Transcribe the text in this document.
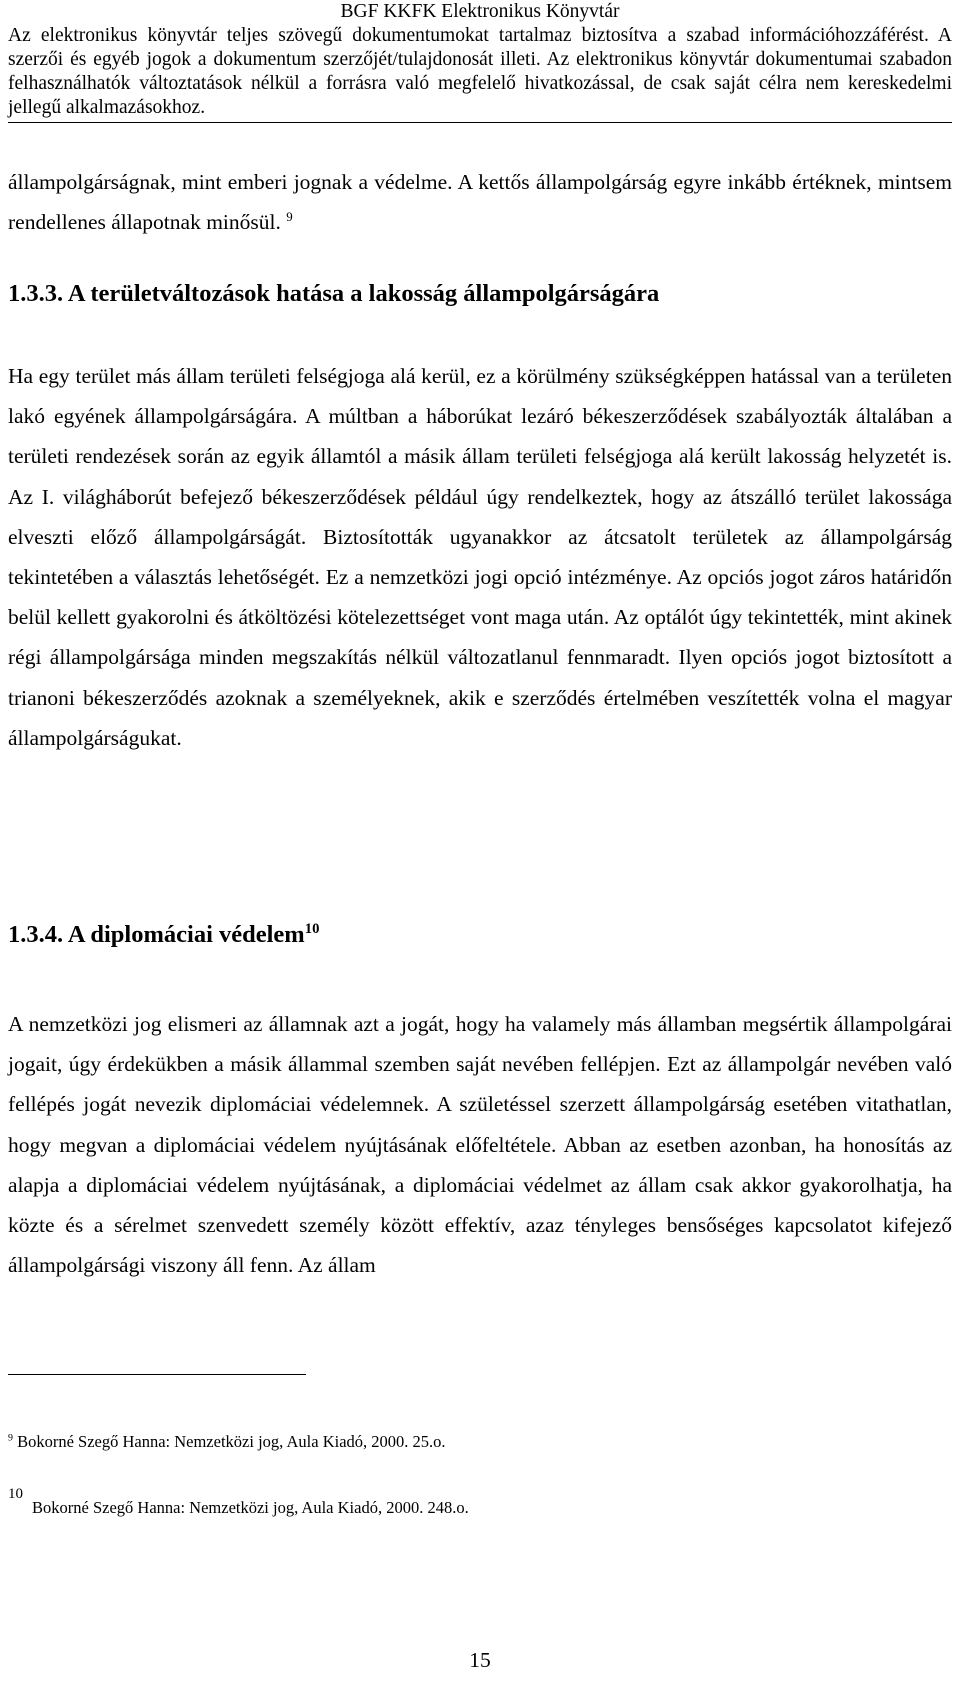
BGF KKFK Elektronikus Könyvtár
Az elektronikus könyvtár teljes szövegű dokumentumokat tartalmaz biztosítva a szabad információhozzáférést. A szerzői és egyéb jogok a dokumentum szerzőjét/tulajdonosát illeti. Az elektronikus könyvtár dokumentumai szabadon felhasználhatók változtatások nélkül a forrásra való megfelelő hivatkozással, de csak saját célra nem kereskedelmi jellegű alkalmazásokhoz.
állampolgárságnak, mint emberi jognak a védelme. A kettős állampolgárság egyre inkább értéknek, mintsem rendellenes állapotnak minősül. $^9$
1.3.3. A területváltozások hatása a lakosság állampolgárságára
Ha egy terület más állam területi felségjoga alá kerül, ez a körülmény szükségképpen hatással van a területen lakó egyének állampolgárságára. A múltban a háborúkat lezáró békeszerződések szabályozták általában a területi rendezések során az egyik államtól a másik állam területi felségjoga alá került lakosság helyzetét is. Az I. világháborút befejező békeszerződések például úgy rendelkeztek, hogy az átszálló terület lakossága elveszti előző állampolgárságát. Biztosították ugyanakkor az átcsatolt területek az állampolgárság tekintetében a választás lehetőségét. Ez a nemzetközi jogi opció intézménye. Az opciós jogot záros határidőn belül kellett gyakorolni és átköltözési kötelezettséget vont maga után. Az optálót úgy tekintették, mint akinek régi állampolgársága minden megszakítás nélkül változatlanul fennmaradt. Ilyen opciós jogot biztosított a trianoni békeszerződés azoknak a személyeknek, akik e szerződés értelmében veszítették volna el magyar állampolgárságukat.
1.3.4. A diplomáciai védelem$^{10}$
A nemzetközi jog elismeri az államnak azt a jogát, hogy ha valamely más államban megsértik állampolgárai jogait, úgy érdekükben a másik állammal szemben saját nevében fellépjen. Ezt az állampolgár nevében való fellépés jogát nevezik diplomáciai védelemnek. A születéssel szerzett állampolgárság esetében vitathatlan, hogy megvan a diplomáciai védelem nyújtásának előfeltétele. Abban az esetben azonban, ha honosítás az alapja a diplomáciai védelem nyújtásának, a diplomáciai védelmet az állam csak akkor gyakorolhatja, ha közte és a sérelmet szenvedett személy között effektív, azaz tényleges bensőséges kapcsolatot kifejező állampolgársági viszony áll fenn. Az állam
$^9$ Bokorné Szegő Hanna: Nemzetközi jog, Aula Kiadó, 2000. 25.o.
10
Bokorné Szegő Hanna: Nemzetközi jog, Aula Kiadó, 2000. 248.o.
15
